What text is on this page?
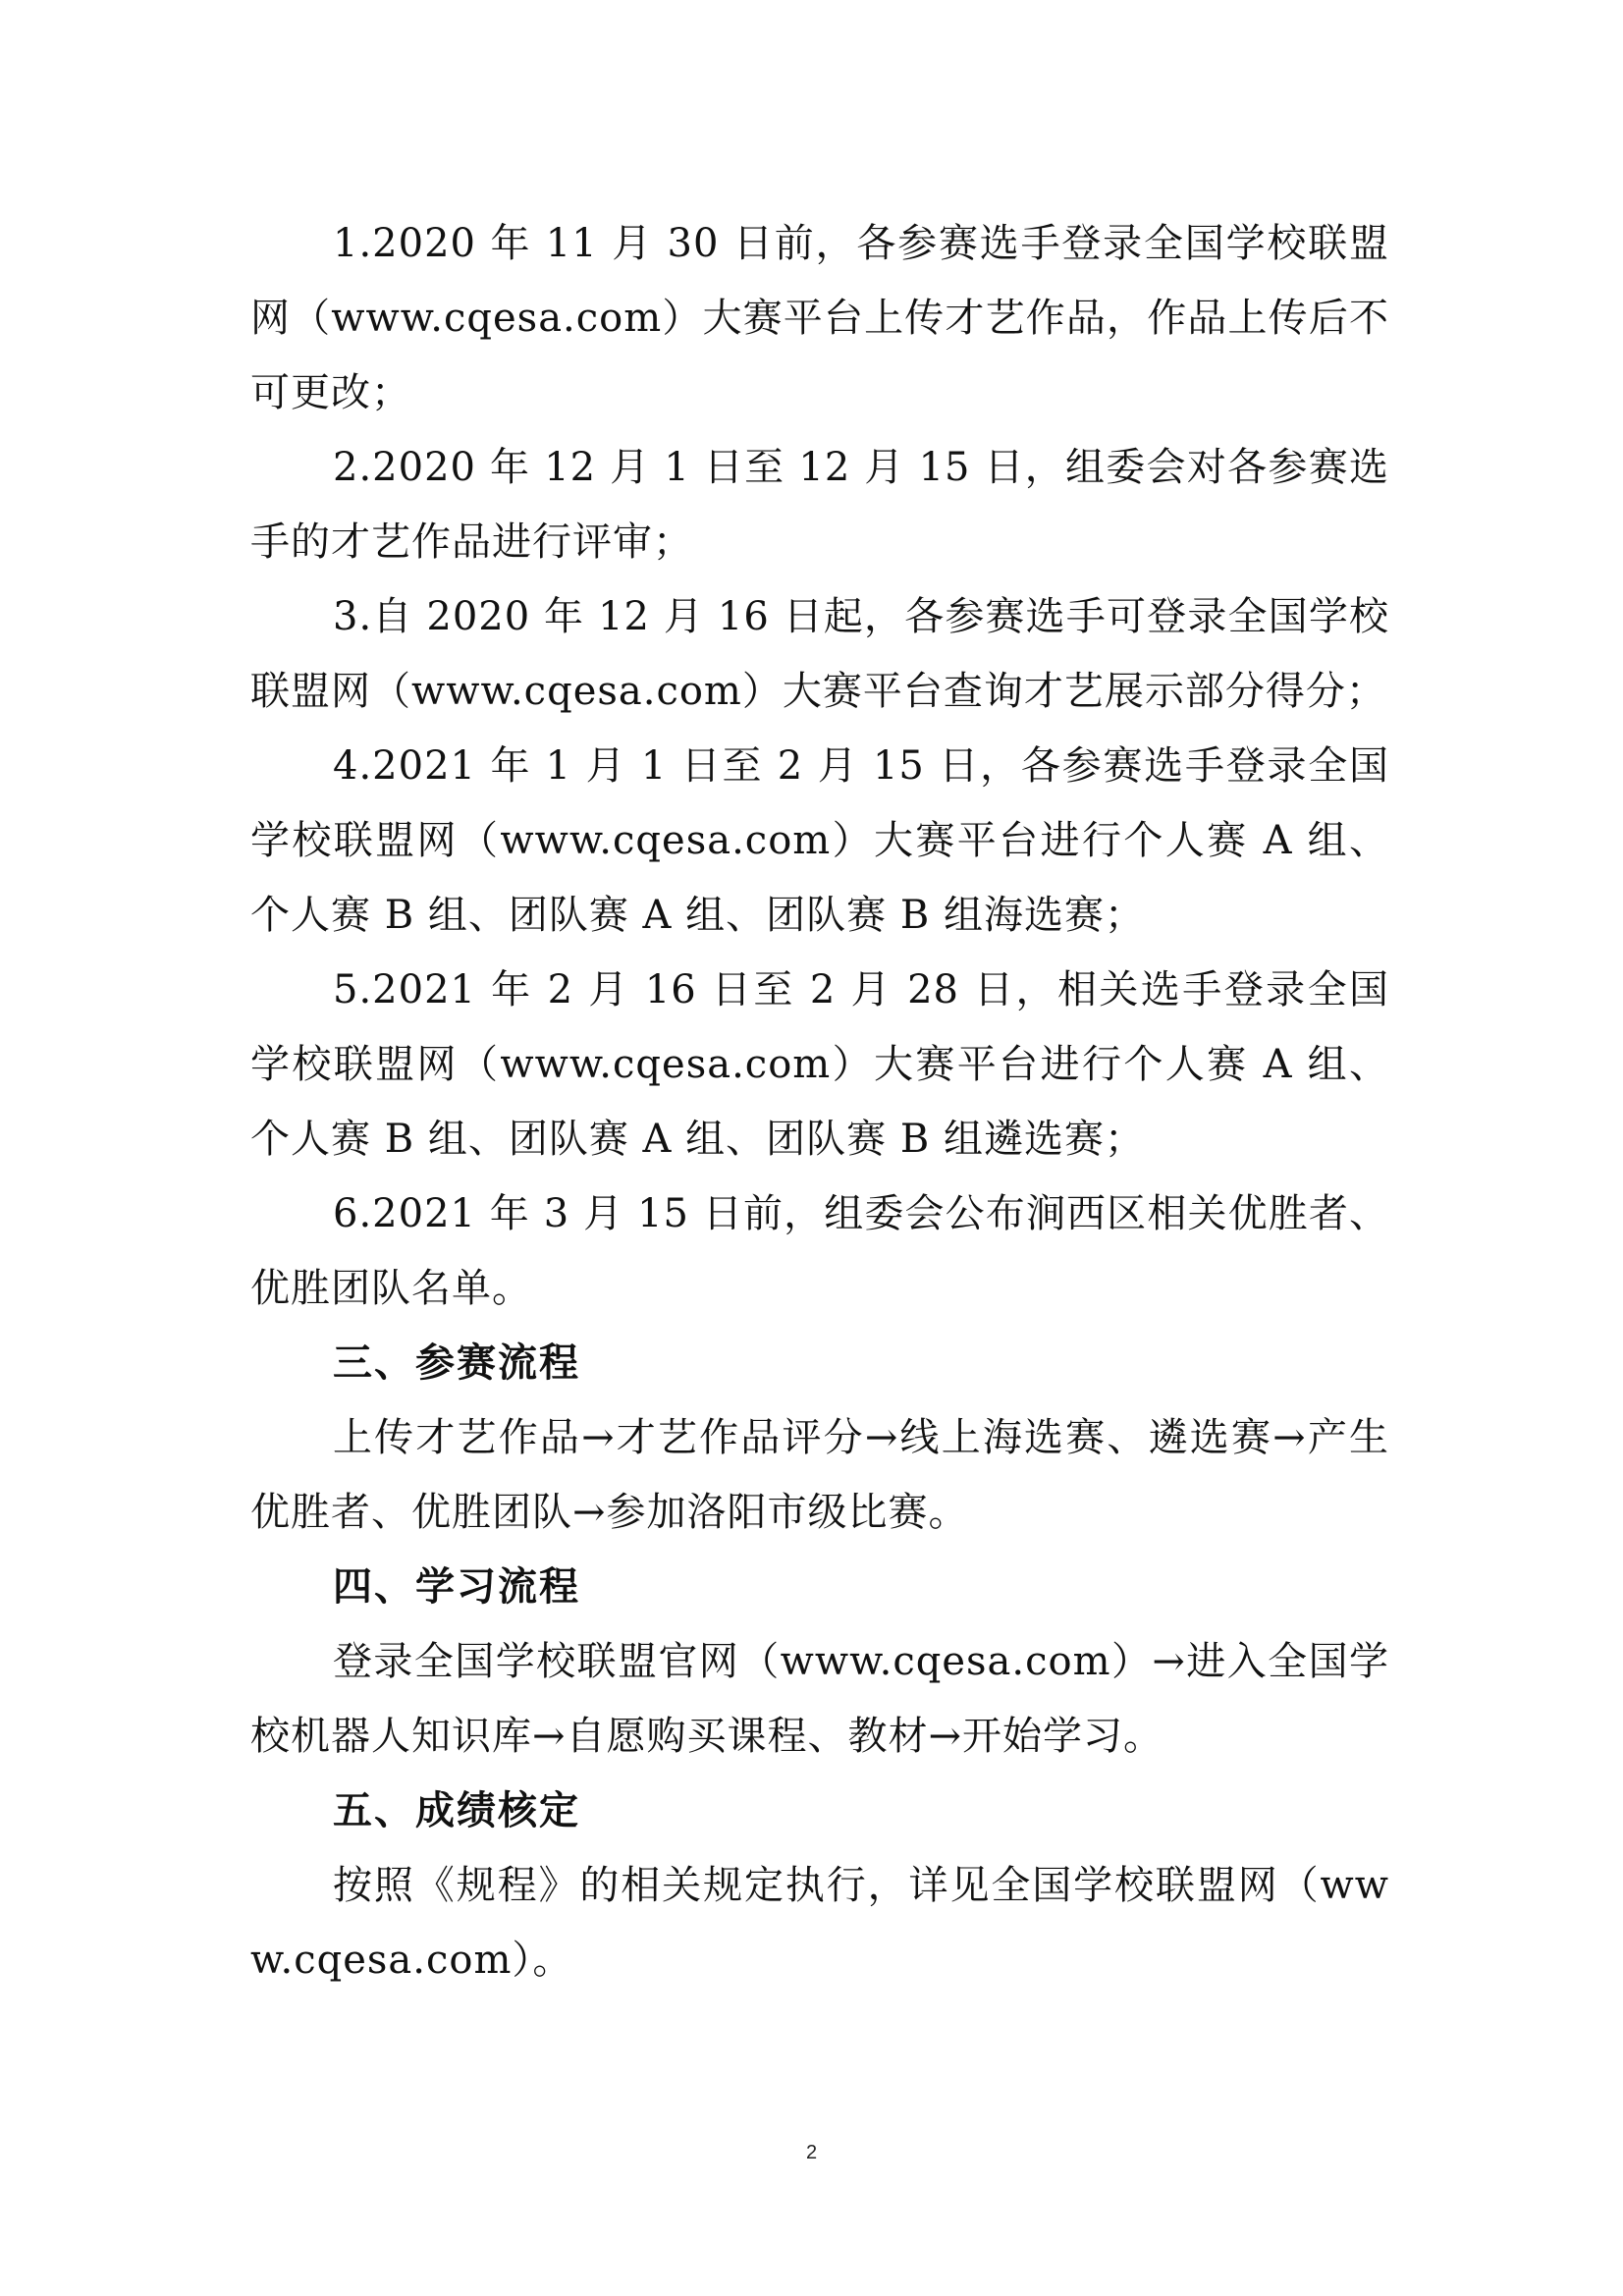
1.2020 年 11 月 30 日前，各参赛选手登录全国学校联盟网（www.cqesa.com）大赛平台上传才艺作品，作品上传后不可更改；

2.2020 年 12 月 1 日至 12 月 15 日，组委会对各参赛选手的才艺作品进行评审；

3.自 2020 年 12 月 16 日起，各参赛选手可登录全国学校联盟网（www.cqesa.com）大赛平台查询才艺展示部分得分；

4.2021 年 1 月 1 日至 2 月 15 日，各参赛选手登录全国学校联盟网（www.cqesa.com）大赛平台进行个人赛 A 组、个人赛 B 组、团队赛 A 组、团队赛 B 组海选赛；

5.2021 年 2 月 16 日至 2 月 28 日，相关选手登录全国学校联盟网（www.cqesa.com）大赛平台进行个人赛 A 组、个人赛 B 组、团队赛 A 组、团队赛 B 组遴选赛；

6.2021 年 3 月 15 日前，组委会公布涧西区相关优胜者、优胜团队名单。

三、参赛流程

上传才艺作品→才艺作品评分→线上海选赛、遴选赛→产生优胜者、优胜团队→参加洛阳市级比赛。

四、学习流程

登录全国学校联盟官网（www.cqesa.com）→进入全国学校机器人知识库→自愿购买课程、教材→开始学习。

五、成绩核定

按照《规程》的相关规定执行，详见全国学校联盟网（www.cqesa.com）。

2
